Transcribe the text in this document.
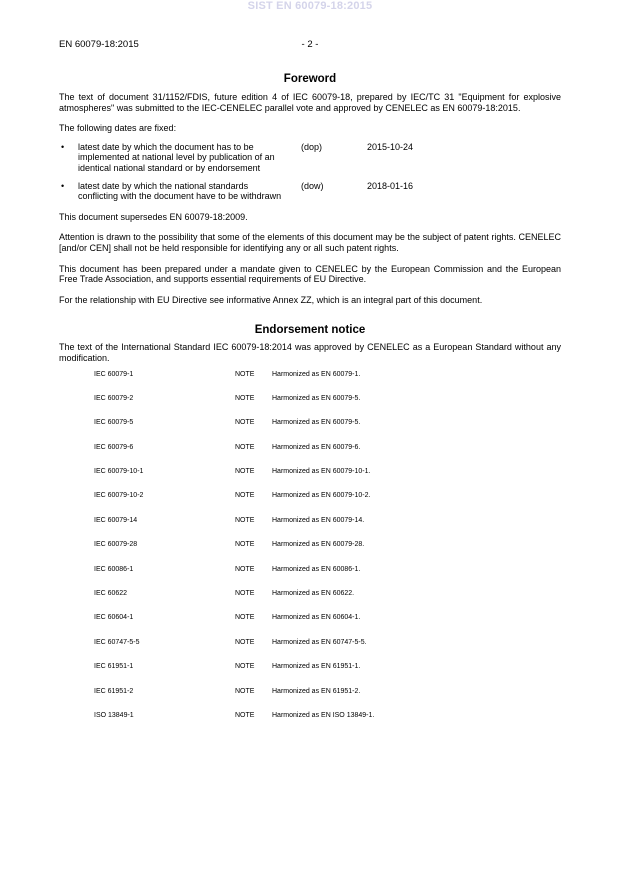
SIST EN 60079-18:2015
EN 60079-18:2015	- 2 -
Foreword

The text of document 31/1152/FDIS, future edition 4 of IEC 60079-18, prepared by IEC/TC 31 "Equipment for explosive atmospheres" was submitted to the IEC-CENELEC parallel vote and approved by CENELEC as EN 60079-18:2015.

The following dates are fixed:

• latest date by which the document has to be implemented at national level by publication of an identical national standard or by endorsement
(dop)	2015-10-24
• latest date by which the national standards conflicting with the document have to be withdrawn
(dow)	2018-01-16

This document supersedes EN 60079-18:2009.

Attention is drawn to the possibility that some of the elements of this document may be the subject of patent rights. CENELEC [and/or CEN] shall not be held responsible for identifying any or all such patent rights.

This document has been prepared under a mandate given to CENELEC by the European Commission and the European Free Trade Association, and supports essential requirements of EU Directive.

For the relationship with EU Directive see informative Annex ZZ, which is an integral part of this document.

Endorsement notice

The text of the International Standard IEC 60079-18:2014 was approved by CENELEC as a European Standard without any modification.

IEC 60079-1	NOTE	Harmonized as EN 60079-1.
IEC 60079-2	NOTE	Harmonized as EN 60079-5.
IEC 60079-5	NOTE	Harmonized as EN 60079-5.
IEC 60079-6	NOTE	Harmonized as EN 60079-6.
IEC 60079-10-1	NOTE	Harmonized as EN 60079-10-1.
IEC 60079-10-2	NOTE	Harmonized as EN 60079-10-2.
IEC 60079-14	NOTE	Harmonized as EN 60079-14.
IEC 60079-28	NOTE	Harmonized as EN 60079-28.
IEC 60086-1	NOTE	Harmonized as EN 60086-1.
IEC 60622	NOTE	Harmonized as EN 60622.
IEC 60604-1	NOTE	Harmonized as EN 60604-1.
IEC 60747-5-5	NOTE	Harmonized as EN 60747-5-5.
IEC 61951-1	NOTE	Harmonized as EN 61951-1.
IEC 61951-2	NOTE	Harmonized as EN 61951-2.
ISO 13849-1	NOTE	Harmonized as EN ISO 13849-1.
